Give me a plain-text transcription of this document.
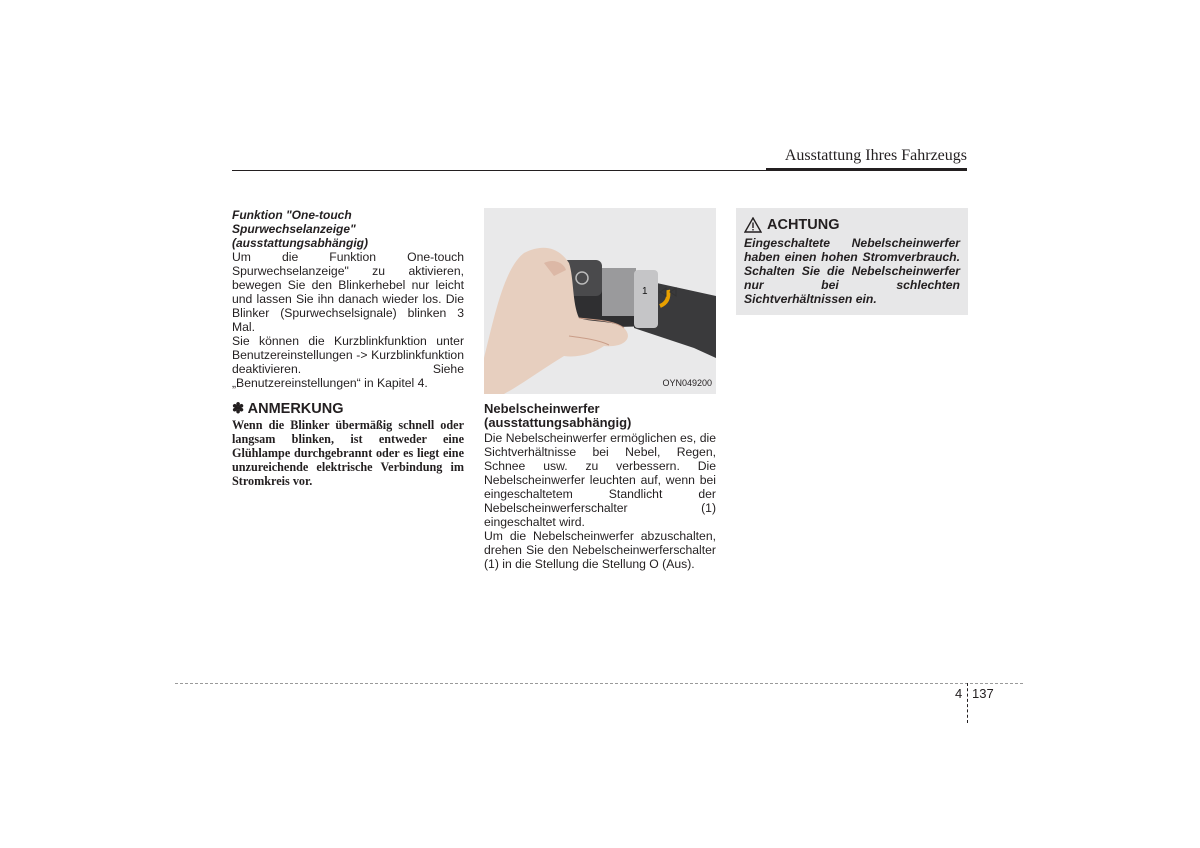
Ausstattung Ihres Fahrzeugs
Funktion "One-touch
Spurwechselanzeige"
(ausstattungsabhängig)

Um die Funktion One-touch Spurwechselanzeige" zu aktivieren, bewegen Sie den Blinkerhebel nur leicht und lassen Sie ihn danach wieder los. Die Blinker (Spurwechselsignale) blinken 3 Mal.

Sie können die Kurzblinkfunktion unter Benutzereinstellungen -> Kurzblinkfunktion deaktivieren. Siehe „Benutzereinstellungen“ in Kapitel 4.

✽ ANMERKUNG
Wenn die Blinker übermäßig schnell oder langsam blinken, ist entweder eine Glühlampe durchgebrannt oder es liegt eine unzureichende elektrische Verbindung im Stromkreis vor.
1
OYN049200
Nebelscheinwerfer
(ausstattungsabhängig)

Die Nebelscheinwerfer ermöglichen es, die Sichtverhältnisse bei Nebel, Regen, Schnee usw. zu verbessern. Die Nebelscheinwerfer leuchten auf, wenn bei eingeschaltetem Standlicht der Nebelscheinwerferschalter (1) eingeschaltet wird.

Um die Nebelscheinwerfer abzuschalten, drehen Sie den Nebelscheinwerferschalter (1) in die Stellung die Stellung O (Aus).

ACHTUNG
Eingeschaltete Nebelscheinwerfer haben einen hohen Stromverbrauch. Schalten Sie die Nebelscheinwerfer nur bei schlechten Sichtverhältnissen ein.
4 137
